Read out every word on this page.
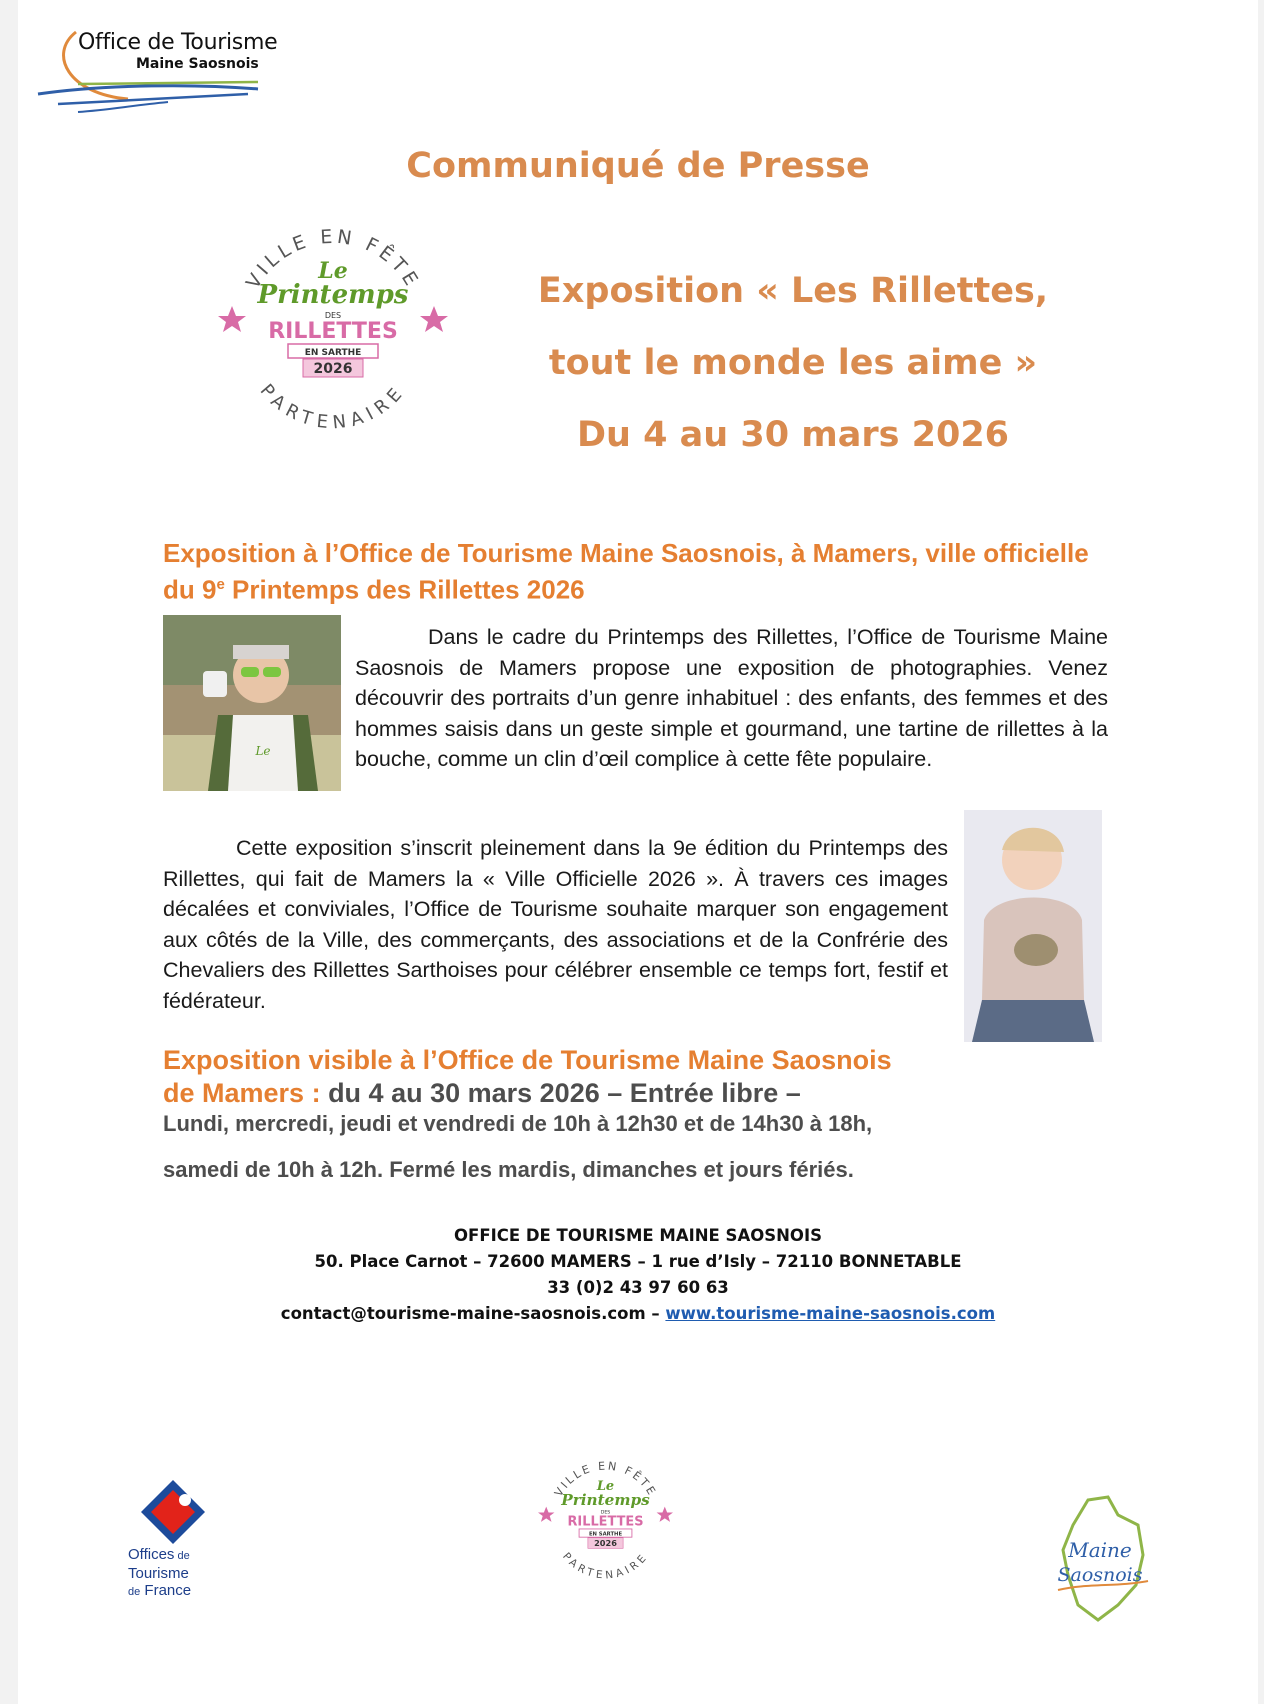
Office de Tourisme
Maine Saosnois
Communiqué de Presse
VILLE EN FÊTE
PARTENAIRE
Le
Printemps
DES
RILLETTES
EN SARTHE
2026
Exposition « Les Rillettes,
tout le monde les aime »
Du 4 au 30 mars 2026
Exposition à l’Office de Tourisme Maine Saosnois, à Mamers, ville officielle du 9e Printemps des Rillettes 2026
Le
Dans le cadre du Printemps des Rillettes, l’Office de Tourisme Maine Saosnois de Mamers propose une exposition de photographies. Venez découvrir des portraits d’un genre inhabituel : des enfants, des femmes et des hommes saisis dans un geste simple et gourmand, une tartine de rillettes à la bouche, comme un clin d’œil complice à cette fête populaire.
Cette exposition s’inscrit pleinement dans la 9e édition du Printemps des Rillettes, qui fait de Mamers la « Ville Officielle 2026 ». À travers ces images décalées et conviviales, l’Office de Tourisme souhaite marquer son engagement aux côtés de la Ville, des commerçants, des associations et de la Confrérie des Chevaliers des Rillettes Sarthoises pour célébrer ensemble ce temps fort, festif et fédérateur.
Exposition visible à l’Office de Tourisme Maine Saosnois
de Mamers : du 4 au 30 mars 2026 – Entrée libre –
Lundi, mercredi, jeudi et vendredi de 10h à 12h30 et de 14h30 à 18h,
samedi de 10h à 12h. Fermé les mardis, dimanches et jours fériés.
OFFICE DE TOURISME MAINE SAOSNOIS
50. Place Carnot – 72600 MAMERS – 1 rue d’Isly – 72110 BONNETABLE
33 (0)2 43 97 60 63
contact@tourisme-maine-saosnois.com – www.tourisme-maine-saosnois.com
Offices de
Tourisme
de France
VILLE EN FÊTE
PARTENAIRE
Le
Printemps
DES
RILLETTES
EN SARTHE
2026	Maine
Saosnois
